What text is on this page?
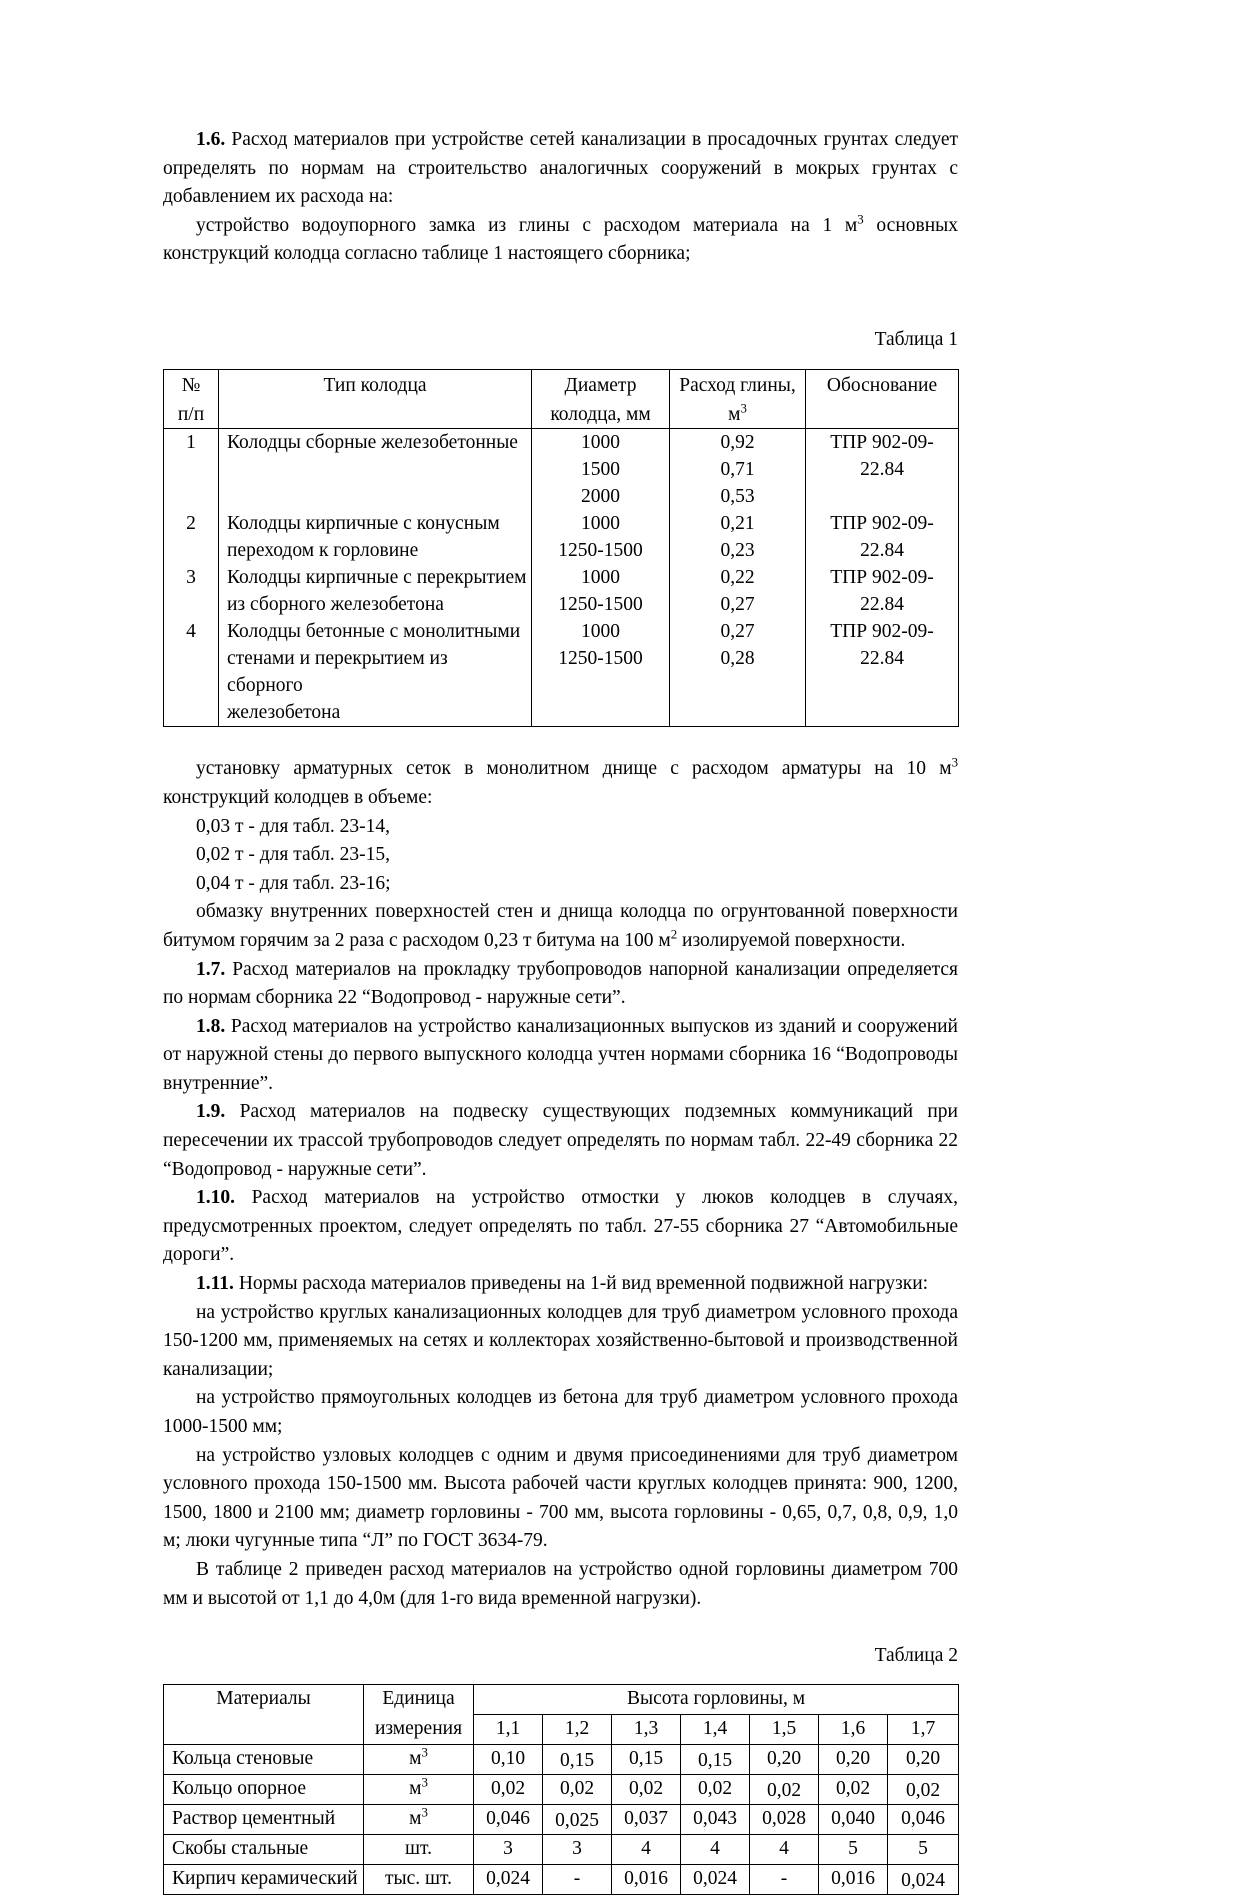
1.6. Расход материалов при устройстве сетей канализации в просадочных грунтах следует определять по нормам на строительство аналогичных сооружений в мокрых грунтах с добавлением их расхода на:

устройство водоупорного замка из глины с расходом материала на 1 $м^3$ основных конструкций колодца согласно таблице 1 настоящего сборника;

Таблица 1

№	Тип колодца	Диаметр	Расход глины,	Обоснование
п/п		колодца, мм	$м^3$
1	Колодцы сборные железобетонные	1000	0,92	ТПР 902-09-
		1500	0,71	22.84
		2000	0,53	
2	Колодцы кирпичные с конусным	1000	0,21	ТПР 902-09-
	переходом к горловине	1250-1500	0,23	22.84
3	Колодцы кирпичные с перекрытием	1000	0,22	ТПР 902-09-
	из сборного железобетона	1250-1500	0,27	22.84
4	Колодцы бетонные с монолитными	1000	0,27	ТПР 902-09-
	стенами и перекрытием из сборного	1250-1500	0,28	22.84
	железобетона			

установку арматурных сеток в монолитном днище с расходом арматуры на 10 $м^3$ конструкций колодцев в объеме:

0,03 т - для табл. 23-14,

0,02 т - для табл. 23-15,

0,04 т - для табл. 23-16;

обмазку внутренних поверхностей стен и днища колодца по огрунтованной поверхности битумом горячим за 2 раза с расходом 0,23 т битума на 100 $м^2$ изолируемой поверхности.

1.7. Расход материалов на прокладку трубопроводов напорной канализации определяется по нормам сборника 22 “Водопровод - наружные сети”.

1.8. Расход материалов на устройство канализационных выпусков из зданий и сооружений от наружной стены до первого выпускного колодца учтен нормами сборника 16 “Водопроводы внутренние”.

1.9. Расход материалов на подвеску существующих подземных коммуникаций при пересечении их трассой трубопроводов следует определять по нормам табл. 22-49 сборника 22 “Водопровод - наружные сети”.

1.10. Расход материалов на устройство отмостки у люков колодцев в случаях, предусмотренных проектом, следует определять по табл. 27-55 сборника 27 “Автомобильные дороги”.

1.11. Нормы расхода материалов приведены на 1-й вид временной подвижной нагрузки:

на устройство круглых канализационных колодцев для труб диаметром условного прохода 150-1200 мм, применяемых на сетях и коллекторах хозяйственно-бытовой и производственной канализации;

на устройство прямоугольных колодцев из бетона для труб диаметром условного прохода 1000-1500 мм;

на устройство узловых колодцев с одним и двумя присоединениями для труб диаметром условного прохода 150-1500 мм. Высота рабочей части круглых колодцев принята: 900, 1200, 1500, 1800 и 2100 мм; диаметр горловины - 700 мм, высота горловины - 0,65, 0,7, 0,8, 0,9, 1,0 м; люки чугунные типа “Л” по ГОСТ 3634-79.

В таблице 2 приведен расход материалов на устройство одной горловины диаметром 700 мм и высотой от 1,1 до 4,0м (для 1-го вида временной нагрузки).

Таблица 2

Материалы	Единица	Высота горловины, м						
	измерения	1,1	1,2	1,3	1,4	1,5	1,6	1,7
Кольца стеновые	$м^3$	0,10	0,15	0,15	0,15	0,20	0,20	0,20
Кольцо опорное	$м^3$	0,02	0,02	0,02	0,02	0,02	0,02	0,02
Раствор цементный	$м^3$	0,046	0,025	0,037	0,043	0,028	0,040	0,046
Скобы стальные	шт.	3	3	4	4	4	5	5
Кирпич керамический	тыс. шт.	0,024	-	0,016	0,024	-	0,016	0,024
